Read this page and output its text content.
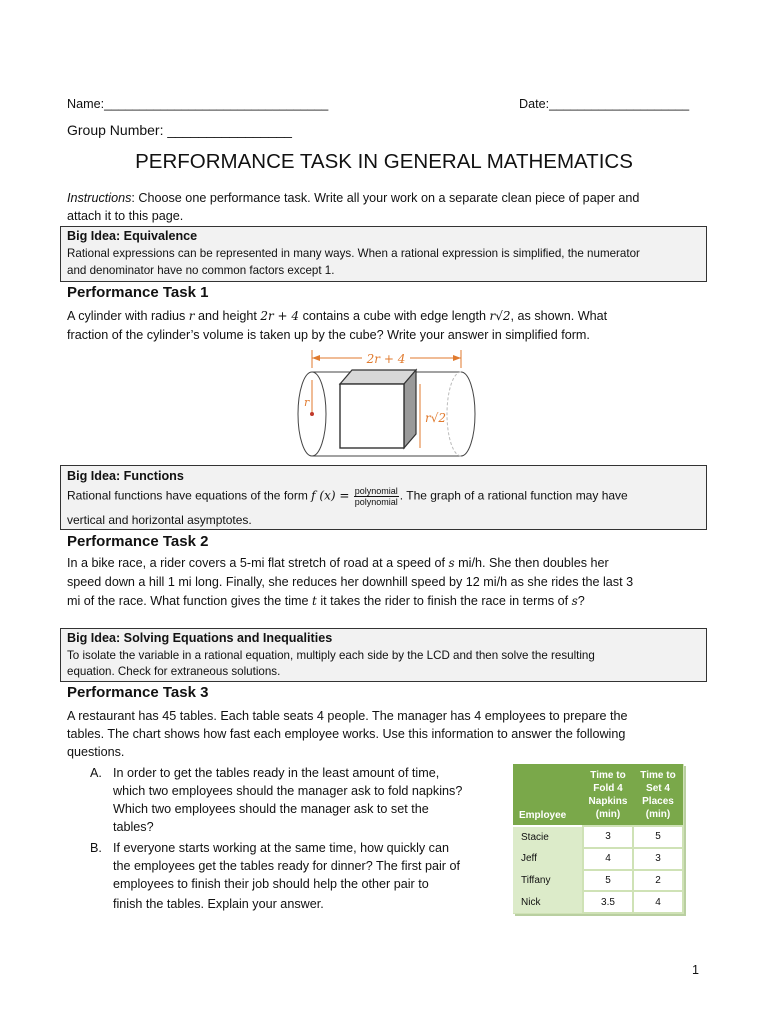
Name:________________________________	Date:____________________
Group Number: ________________
PERFORMANCE TASK IN GENERAL MATHEMATICS
Instructions: Choose one performance task. Write all your work on a separate clean piece of paper and
attach it to this page.
Big Idea: Equivalence
Rational expressions can be represented in many ways. When a rational expression is simplified, the numerator
and denominator have no common factors except 1.
Performance Task 1
A cylinder with radius r and height 2r + 4 contains a cube with edge length r√2, as shown. What
fraction of the cylinder’s volume is taken up by the cube? Write your answer in simplified form.
2r + 4
r
r√2
Big Idea: Functions
Rational functions have equations of the form f $(x) = \frac{\text{polynomial}}{\text{polynomial}}$ . The graph of a rational function may have
vertical and horizontal asymptotes.
Performance Task 2
In a bike race, a rider covers a 5-mi flat stretch of road at a speed of s mi/h. She then doubles her
speed down a hill 1 mi long. Finally, she reduces her downhill speed by 12 mi/h as she rides the last 3
mi of the race. What function gives the time t it takes the rider to finish the race in terms of s?
Big Idea: Solving Equations and Inequalities
To isolate the variable in a rational equation, multiply each side by the LCD and then solve the resulting
equation. Check for extraneous solutions.
Performance Task 3
A restaurant has 45 tables. Each table seats 4 people. The manager has 4 employees to prepare the
tables. The chart shows how fast each employee works. Use this information to answer the following
questions.
A. In order to get the tables ready in the least amount of time,
which two employees should the manager ask to fold napkins?
Which two employees should the manager ask to set the
tables?
B. If everyone starts working at the same time, how quickly can
the employees get the tables ready for dinner? The first pair of
employees to finish their job should help the other pair to
finish the tables. Explain your answer.
Employee	Time to Fold 4 Napkins (min)	Time to Set 4 Places (min)
Stacie	3	5
Jeff	4	3
Tiffany	5	2
Nick	3.5	4
1
